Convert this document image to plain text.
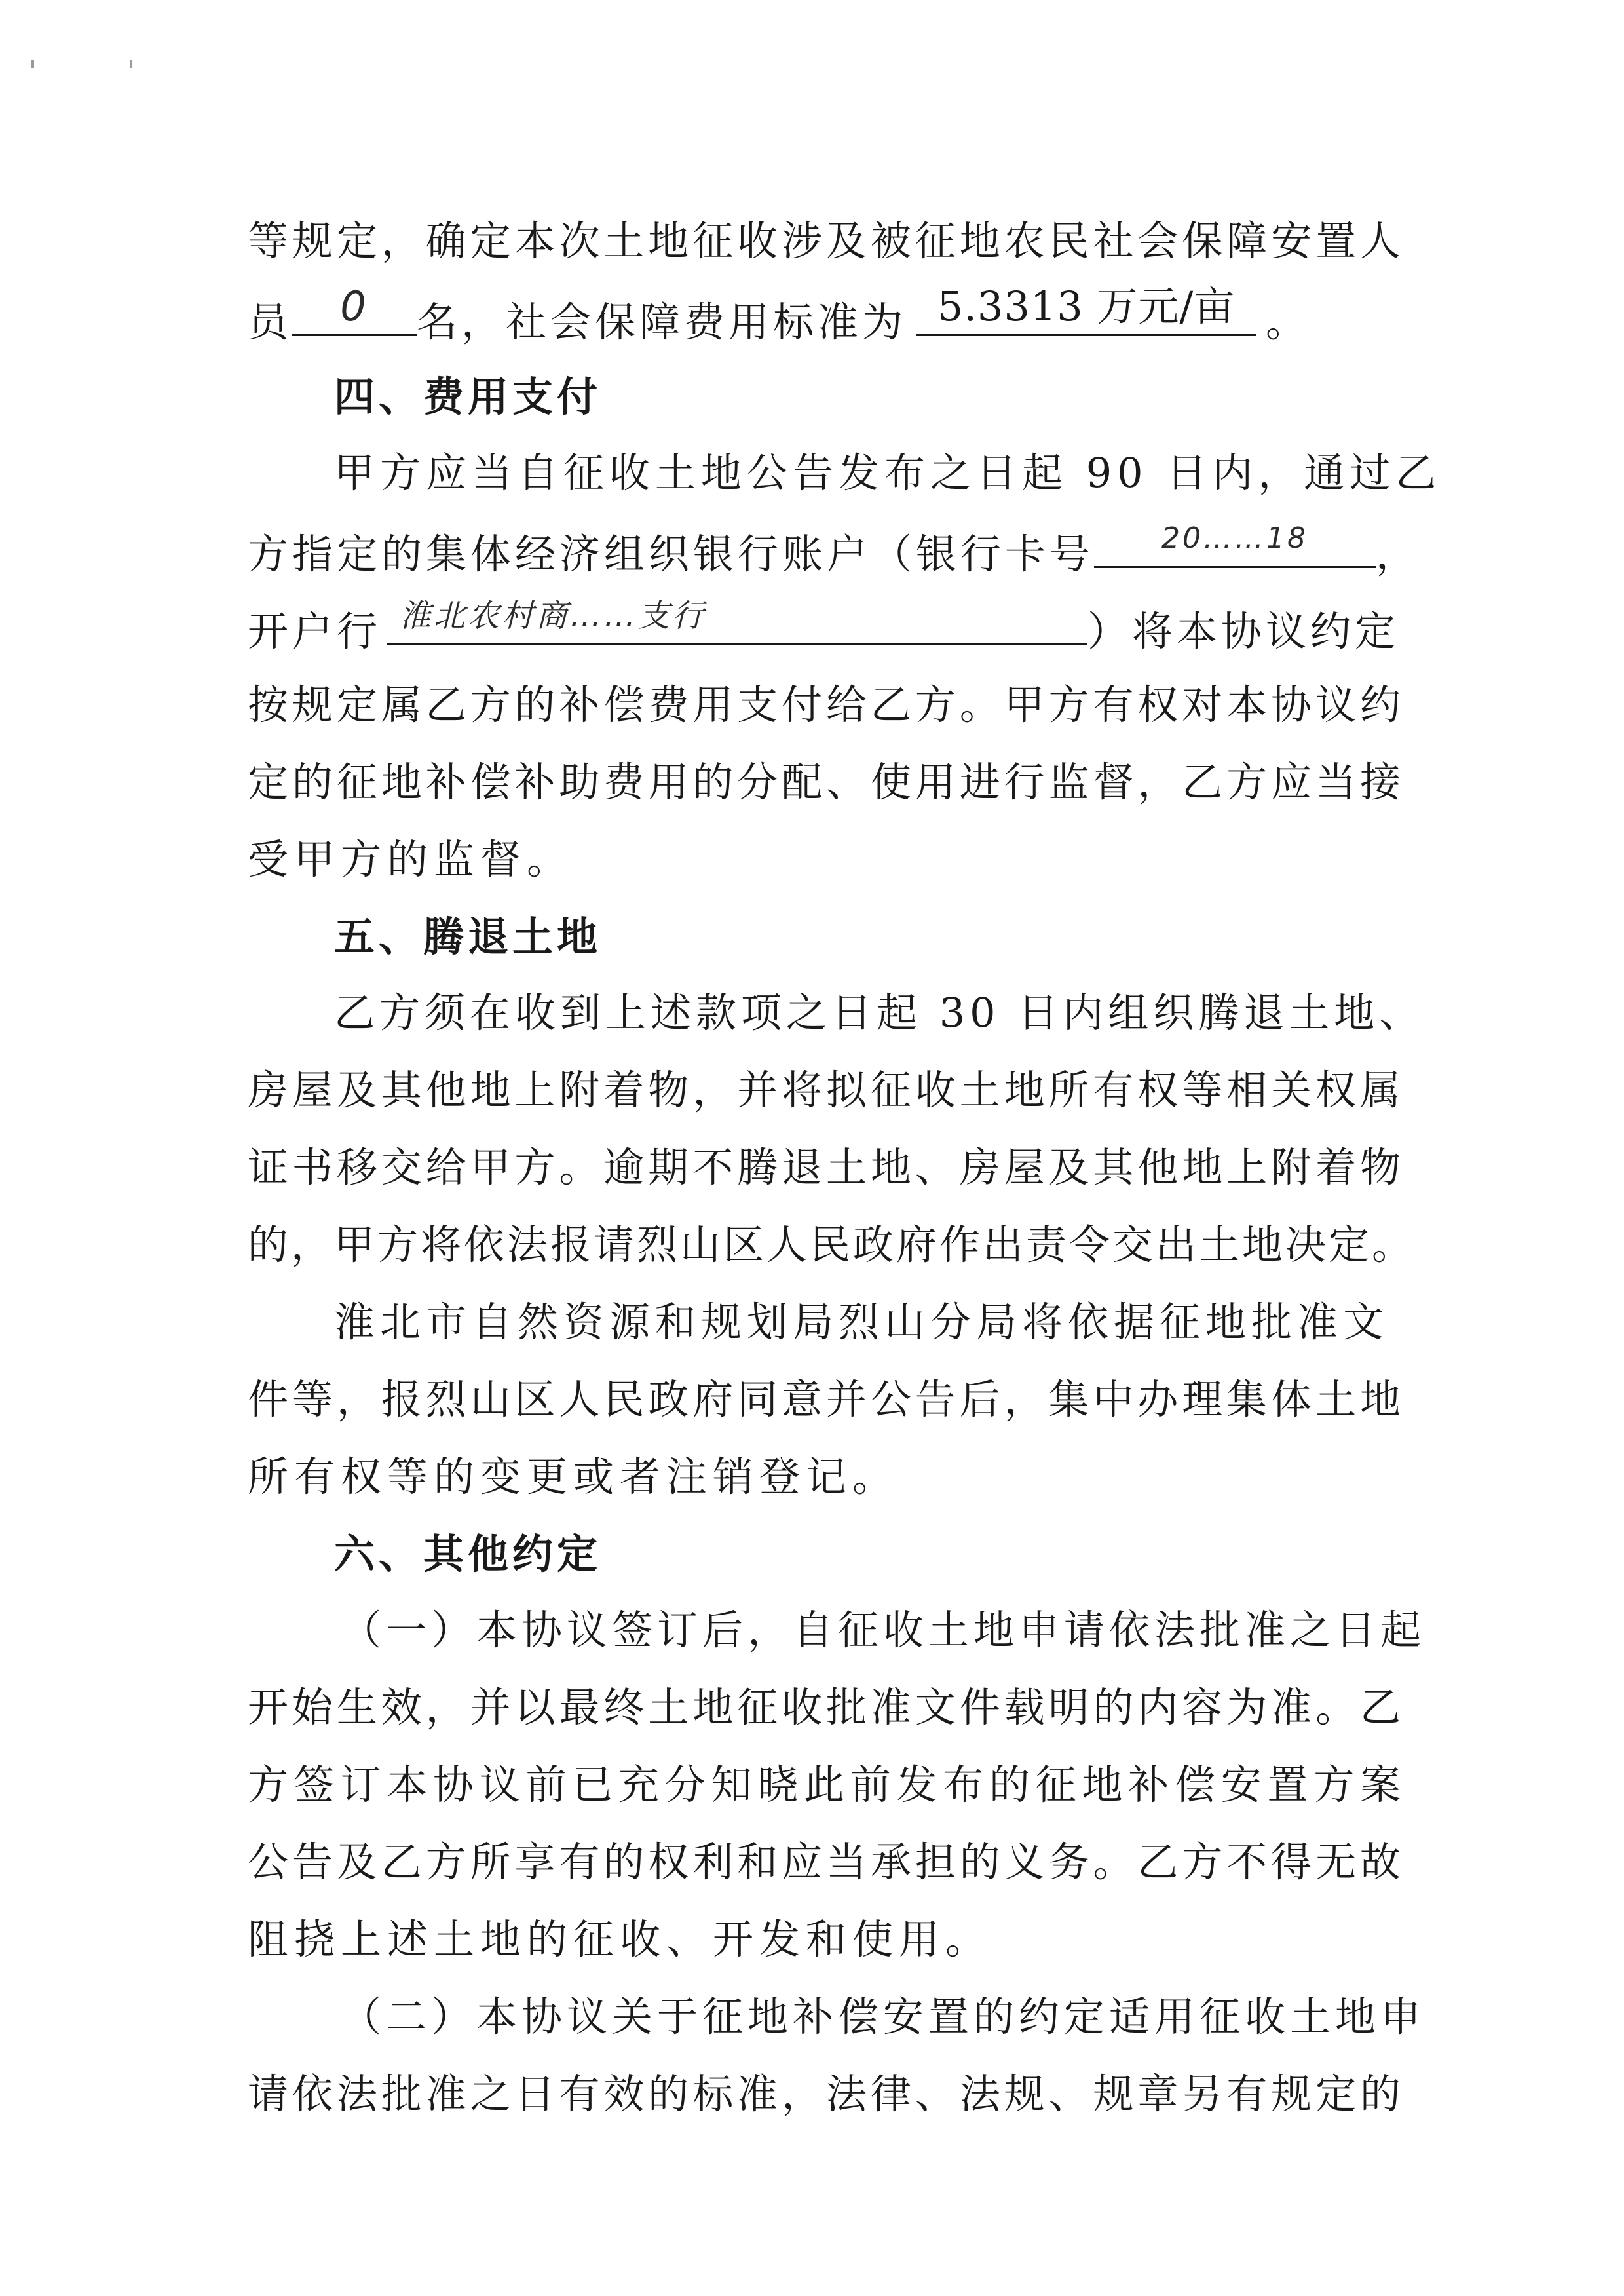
等规定，确定本次土地征收涉及被征地农民社会保障安置人
员	0	名，社会保障费用标准为 5.3313 万元/亩 。
四、费用支付
甲方应当自征收土地公告发布之日起 90 日内，通过乙
方指定的集体经济组织银行账户（银行卡号	20……18	，
开户行 淮北农村商……支行	）将本协议约定
按规定属乙方的补偿费用支付给乙方。甲方有权对本协议约
定的征地补偿补助费用的分配、使用进行监督，乙方应当接
受甲方的监督。
五、腾退土地
乙方须在收到上述款项之日起 30 日内组织腾退土地、
房屋及其他地上附着物，并将拟征收土地所有权等相关权属
证书移交给甲方。逾期不腾退土地、房屋及其他地上附着物
的，甲方将依法报请烈山区人民政府作出责令交出土地决定。
淮北市自然资源和规划局烈山分局将依据征地批准文
件等，报烈山区人民政府同意并公告后，集中办理集体土地
所有权等的变更或者注销登记。
六、其他约定
（一）本协议签订后，自征收土地申请依法批准之日起
开始生效，并以最终土地征收批准文件载明的内容为准。乙
方签订本协议前已充分知晓此前发布的征地补偿安置方案
公告及乙方所享有的权利和应当承担的义务。乙方不得无故
阻挠上述土地的征收、开发和使用。
（二）本协议关于征地补偿安置的约定适用征收土地申
请依法批准之日有效的标准，法律、法规、规章另有规定的
